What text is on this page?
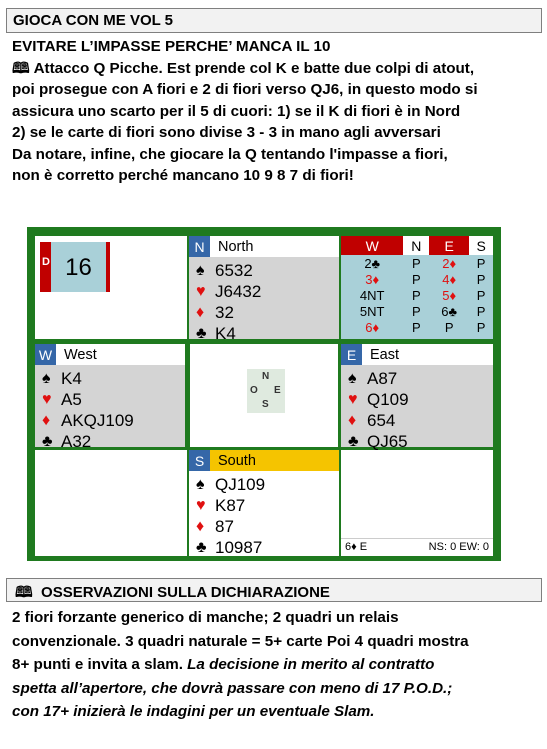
GIOCA CON ME VOL 5
EVITARE L’IMPASSE PERCHE’ MANCA IL 10
🕮 Attacco Q Picche. Est prende col K e batte due colpi di atout,
poi prosegue con A fiori e 2 di fiori verso QJ6, in questo modo si
assicura uno scarto per il 5 di cuori: 1) se il K di fiori è in Nord
2) se le carte di fiori sono divise 3 - 3 in mano agli avversari
Da notare, infine, che giocare la Q tentando l'impasse a fiori,
non è corretto perché mancano 10 9 8 7 di fiori!
D 16
N North
♠ 6532
♥ J6432
♦ 32
♣ K4
W	N	E	S
2♣	P	2♦	P
3♦	P	4♦	P
4NT	P	5♦	P
5NT	P	6♣	P
6♦	P	P	P
W West
♠ K4
♥ A5
♦ AKQJ109
♣ A32
N
O E
S
E East
♠ A87
♥ Q109
♦ 654
♣ QJ65
S South
♠ QJ109
♥ K87
♦ 87
♣ 10987	6♦ E	NS: 0 EW: 0
🕮 OSSERVAZIONI SULLA DICHIARAZIONE
2 fiori forzante generico di manche; 2 quadri un relais
convenzionale. 3 quadri naturale = 5+ carte Poi 4 quadri mostra
8+ punti e invita a slam. La decisione in merito al contratto
spetta all’apertore, che dovrà passare con meno di 17 P.O.D.;
con 17+ inizierà le indagini per un eventuale Slam.
